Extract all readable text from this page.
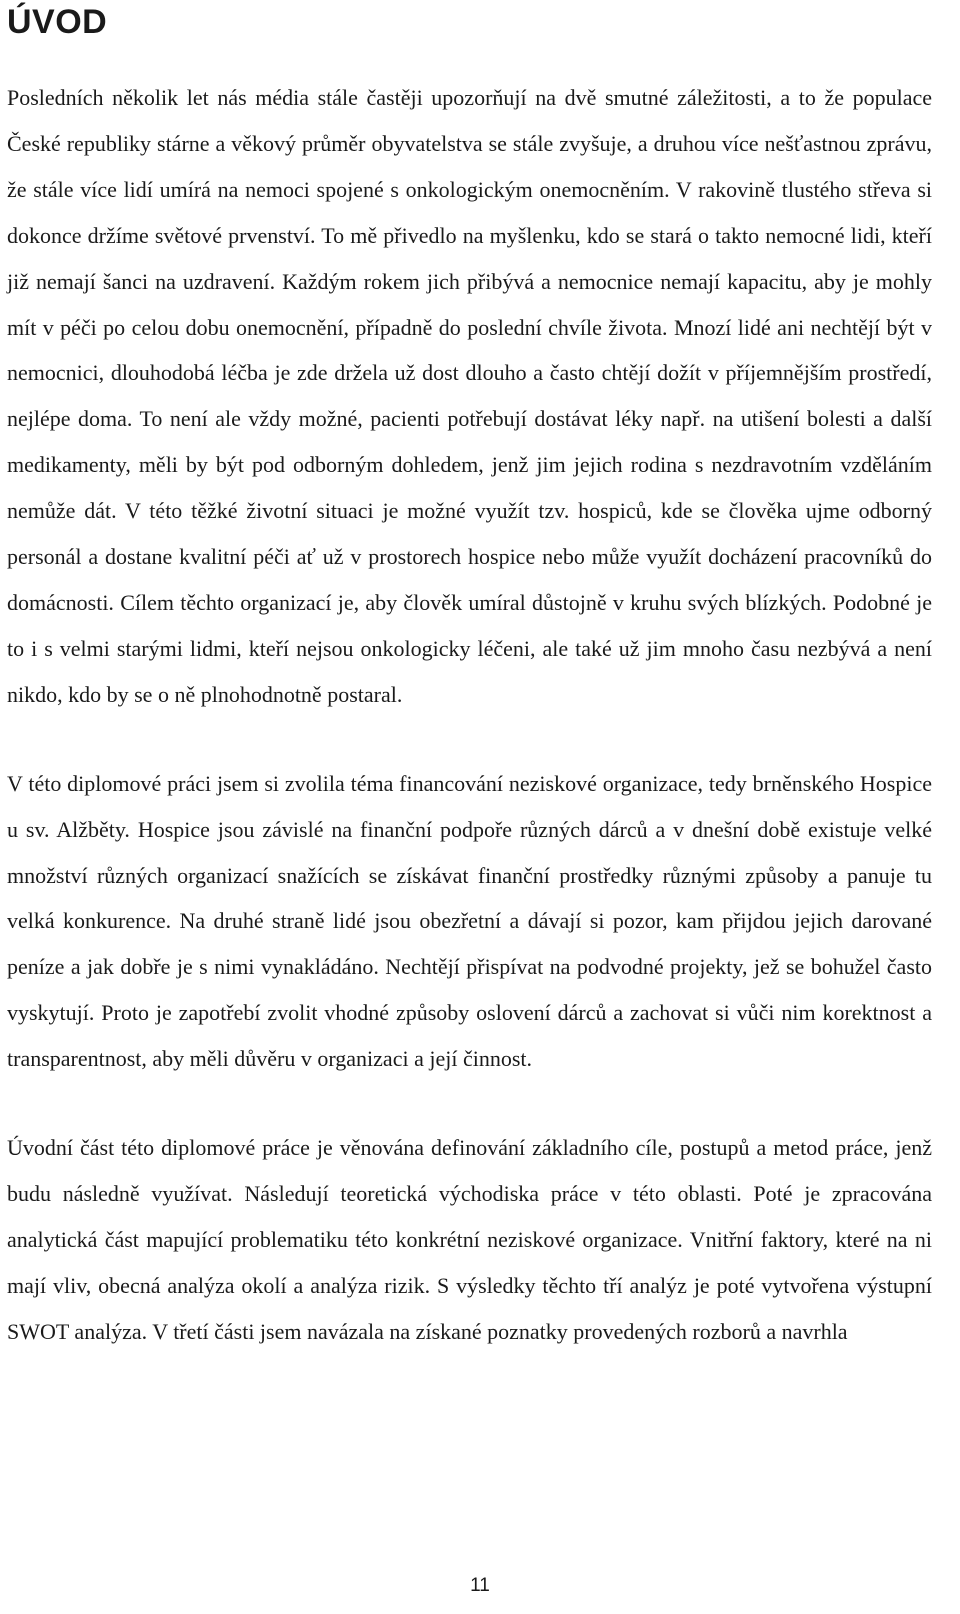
ÚVOD

Posledních několik let nás média stále častěji upozorňují na dvě smutné záležitosti, a to že populace České republiky stárne a věkový průměr obyvatelstva se stále zvyšuje, a druhou více nešťastnou zprávu, že stále více lidí umírá na nemoci spojené s onkologickým onemocněním. V rakovině tlustého střeva si dokonce držíme světové prvenství. To mě přivedlo na myšlenku, kdo se stará o takto nemocné lidi, kteří již nemají šanci na uzdravení. Každým rokem jich přibývá a nemocnice nemají kapacitu, aby je mohly mít v péči po celou dobu onemocnění, případně do poslední chvíle života. Mnozí lidé ani nechtějí být v nemocnici, dlouhodobá léčba je zde držela už dost dlouho a často chtějí dožít v příjemnějším prostředí, nejlépe doma. To není ale vždy možné, pacienti potřebují dostávat léky např. na utišení bolesti a další medikamenty, měli by být pod odborným dohledem, jenž jim jejich rodina s nezdravotním vzděláním nemůže dát. V této těžké životní situaci je možné využít tzv. hospiců, kde se člověka ujme odborný personál a dostane kvalitní péči ať už v prostorech hospice nebo může využít docházení pracovníků do domácnosti. Cílem těchto organizací je, aby člověk umíral důstojně v kruhu svých blízkých. Podobné je to i s velmi starými lidmi, kteří nejsou onkologicky léčeni, ale také už jim mnoho času nezbývá a není nikdo, kdo by se o ně plnohodnotně postaral.

V této diplomové práci jsem si zvolila téma financování neziskové organizace, tedy brněnského Hospice u sv. Alžběty. Hospice jsou závislé na finanční podpoře různých dárců a v dnešní době existuje velké množství různých organizací snažících se získávat finanční prostředky různými způsoby a panuje tu velká konkurence. Na druhé straně lidé jsou obezřetní a dávají si pozor, kam přijdou jejich darované peníze a jak dobře je s nimi vynakládáno. Nechtějí přispívat na podvodné projekty, jež se bohužel často vyskytují. Proto je zapotřebí zvolit vhodné způsoby oslovení dárců a zachovat si vůči nim korektnost a transparentnost, aby měli důvěru v organizaci a její činnost.

Úvodní část této diplomové práce je věnována definování základního cíle, postupů a metod práce, jenž budu následně využívat. Následují teoretická východiska práce v této oblasti. Poté je zpracována analytická část mapující problematiku této konkrétní neziskové organizace. Vnitřní faktory, které na ni mají vliv, obecná analýza okolí a analýza rizik. S výsledky těchto tří analýz je poté vytvořena výstupní SWOT analýza. V třetí části jsem navázala na získané poznatky provedených rozborů a navrhla

11
